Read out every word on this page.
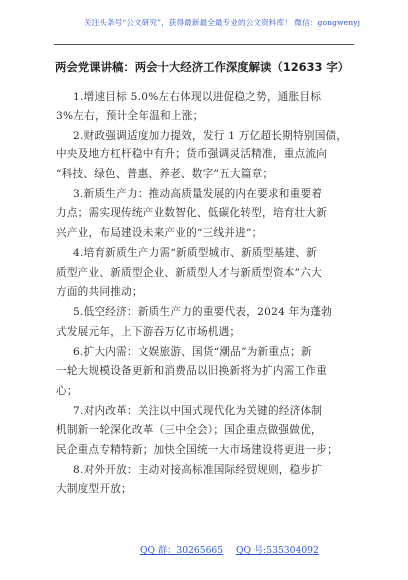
关注头条号“公文研究”，获得最新最全最专业的公文资料库！ 微信：gongwenyj
两会党课讲稿：两会十大经济工作深度解读（12633 字）
1.增速目标 5.0%左右体现以进促稳之势，通胀目标
3%左右，预计全年温和上涨；
2.财政强调适度加力提效，发行 1 万亿超长期特别国债，
中央及地方杠杆稳中有升；货币强调灵活精准，重点流向
“科技、绿色、普惠、养老、数字”五大篇章；
3.新质生产力：推动高质量发展的内在要求和重要着
力点；需实现传统产业数智化、低碳化转型，培育壮大新
兴产业，布局建设未来产业的“三线并进”；
4.培育新质生产力需“新质型城市、新质型基建、新
质型产业、新质型企业、新质型人才与新质型资本”六大
方面的共同推动；
5.低空经济：新质生产力的重要代表，2024 年为蓬勃
式发展元年，上下游吞万亿市场机遇；
6.扩大内需：文娱旅游、国货“潮品”为新重点；新
一轮大规模设备更新和消费品以旧换新将为扩内需工作重
心；
7.对内改革：关注以中国式现代化为关键的经济体制
机制新一轮深化改革（三中全会）；国企重点做强做优，
民企重点专精特新；加快全国统一大市场建设将更进一步；
8.对外开放：主动对接高标准国际经贸规则，稳步扩
大制度型开放；
QQ 群：30265665 QQ 号:535304092
